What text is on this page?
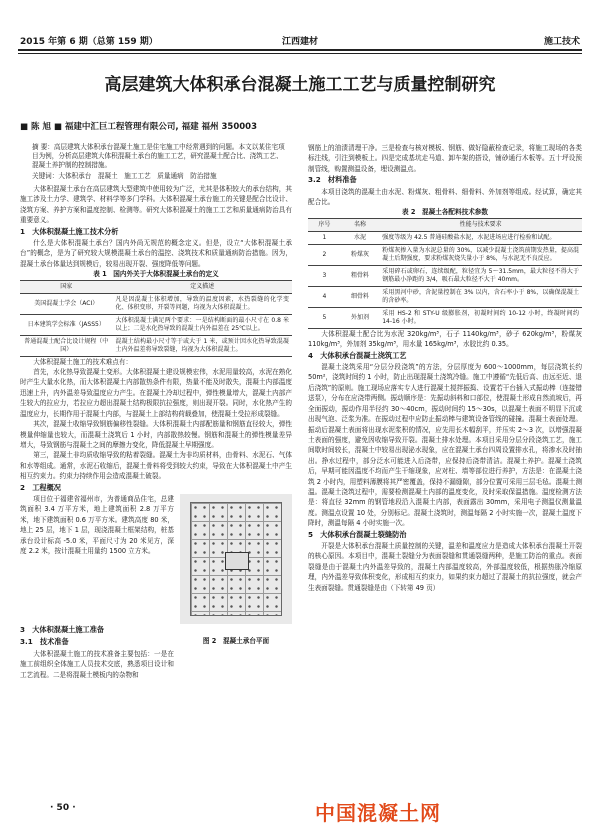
2015 年第 6 期（总第 159 期）	江西建材	施工技术
高层建筑大体积承台混凝土施工工艺与质量控制研究
■ 陈 旭 ■ 福建中汇巨工程管理有限公司, 福建 福州 350003
摘 要：高层建筑大体积承台混凝土施工是住宅施工中经常遇到的问题。本文以某住宅项目为例，分析高层建筑大体积混凝土承台的施工工艺，研究混凝土配合比、浇筑工艺、混凝土养护制的控制措施。
关键词：大体积承台　混凝土　施工工艺　质量通病　防治措施

大体积混凝土承台在高层建筑大型建筑中使用较为广泛，尤其是体积较大的承台结构，其施工涉及土力学、建筑学、材料学等多门学科。大体积混凝土承台施工的关键是配合比设计、浇筑方案、养护方案和温度控制、检测等。研究大体积混凝土的施工工艺和质量通病防治具有重要意义。

1　大体积混凝土施工技术分析

什么是大体积混凝土承台？国内外尚无规范的概念定义。但是，设立“大体积混凝土承台”的概念，是为了研究较大规模混凝土承台的温控、浇筑技术和质量通病防治措施。因为，混凝土承台体量达到规模后，较易出现开裂、强度降低等问题。

表 1　国内外关于大体积混凝土承台的定义
国家	定义描述
美国混凝土学会（ACI）	凡是因混凝土体积增加，导致的温度因素，水热裂缝的化学变化、体积变形，开裂等问题，均视为大体积混凝土。
日本建筑学会标准（JASS5）	大体积混凝土满足两个要求：一是结构断面的最小尺寸在 0.8 米以上；二是水化热导致的混凝土内外温差在 25℃以上。
普通混凝土配合比设计规程（中国）	混凝土结构最小尺寸等于或大于 1 米，或预计因水化热导致混凝土内外温差将导致裂缝，均视为大体积混凝土。

大体积混凝土施工的技术难点有：

首先，水化热导致混凝土变形。大体积混凝土建设规模宏伟，水泥用量较高，水泥在熟化时产生大量水化热，而大体积混凝土内部散热条件有限，热量不能及时散失，混凝土内部温度迅速上升，内外温差导致温度应力产生。在混凝土冷却过程中，弹性模量增大，混凝土内部产生较大的拉应力，若拉应力超出混凝土结构极限抗拉强度，则出现开裂。同时，水化热产生的温度应力，长期作用于混凝土内部，与混凝土上部结构荷载叠加，使混凝土受拉形成裂缝。

其次，混凝土收缩导致钢筋偏移性裂缝。大体积混凝土内部配筋量和钢筋直径较大，弹性模量伸缩量也较大，而混凝土浇筑后 1 小时，内部散热较慢。钢筋和混凝土的弹性模量差异增大，导致钢筋与混凝土之间的摩擦力变化，降低混凝土早期强度。

第三，混凝土非均质收缩导致的粘着裂缝。混凝土为非均质材料，由骨料、水泥石、气体和水等组成。通常，水泥石收缩后，混凝土骨料将受到较大约束，导致在大体积混凝土中产生相互约束力。约束力持续作用会造成混凝土破裂。

2　工程概况

项目位于福建省福州市，为普通商品住宅，总建筑面积 3.4 万平方米，地上建筑面积 2.8 万平方米，地下建筑面积 0.6 万平方米。建筑高度 80 米，地上 25 层，地下 1 层，现浇混凝土框架结构，桩基承台设计标高 -5.0 米，平面尺寸为 20 米见方，深度 2.2 米，按计混凝土用量约 1500 立方米。

3　大体积混凝土施工准备
3.1　技术准备

大体积混凝土施工的技术准备主要包括：一是在施工前组织全体施工人员技术交底，熟悉项目设计和工艺流程。二是将混凝土模板内的杂物和

图 2　混凝土承台平面

钢筋上的油渍清理干净。三是检查与核对模板、钢筋、做好隐蔽检查记录，将施工现场的各类标注线，引注到模板上。四是完成基坑走马道、卸车架的搭设，铺砂通行木板等。五十坪设预制管线，购置测温设备，埋设测温点。

3.2　材料准备

本项目浇筑的混凝土由水泥、粉煤灰、粗骨料、细骨料、外加剂等组成。经试算，确定其配合比。

表 2　混凝土各配料技术参数
序号	名称	性能与技术要求
1	水泥	强度等级为 42.5 普通硅酸盐水泥，水泥进场应进行检验和试配。
2	粉煤灰	粉煤灰掺入量为水泥总量的 30%，以减少混凝土浇筑前期发热量，提高混凝土后期强度，要求粉煤灰烧失量小于 8%，与水泥无不良反应。
3	粗骨料	采用碎石或卵石，连续级配，粒径宜为 5～31.5mm，最大粒径不得大于钢筋最小净距的 3/4，吸石最大粒径不大于 40mm。
4	细骨料	采用黑河中砂，含泥量控制在 3% 以内，含石率小于 8%，以确保混凝土的含砂率。
5	外加剂	采用 HS-2 和 STY-U 级膨胀剂，初凝时间约 10-12 小时，终凝时间约 14-16 小时。

大体积混凝土配合比为水泥 320kg/m³，石子 1140kg/m³，砂子 620kg/m³，粉煤灰 110kg/m³，外加剂 35kg/m³，用水量 165kg/m³，水胶比约 0.35。

4　大体积承台混凝土浇筑工艺

混凝土浇筑采用“分层分段浇筑”的方法，分层厚度为 600～1000mm，每层浇筑长约 50m²，浇筑时间约 1 小时，防止出现混凝土浇筑冷缝。施工中遵循“先低后高、由远至近、退后浇筑”的原则。施工现场应落实专人进行混凝土搅拌振捣、设置若干台插入式振动棒（连接错送泵），分布在应浇带两侧。振动顺序是：先振动斜料和口部位，使混凝土形成自然流坡后，再全面振动，振动作用半径约 30～40cm，振动时间约 15～30s，以混凝土表面不明显下沉或出现气泡、泛浆为准。在振动过程中应防止振动棒与建筑设备管线的碰撞。混凝土表面处理。振动后混凝土表面将出现水泥浆积的情况，应先用长木幅刮平，并压实 2～3 次，以增强混凝土表面的强度，避免因收缩导致开裂。混凝土排水处理。本项目采用分层分段浇筑工艺，施工间歇时间较长，混凝土中较易出现泌水现象，应在混凝土承台四周设置排水孔，将渗水及时抽出。挣水过程中，部分泛水可能进入后浇带，应保持后浇带清洁。混凝土养护。混凝土浇筑后，早期可能因温度不均而产生干缩现象，应对柱、墙等部位进行养护，方法是：在混凝土浇筑 2 小时内，用塑料薄膜将其严密覆盖，保持不漏缝隙，部分位置可采用三层毛毡。混凝土测温。混凝土浇筑过程中，需要检测混凝土内部的温度变化，及时采取保温措施。温度检测方法是：将直径 32mm 的钢管地段沿入混凝土内部，表面露出 30mm，采用电子测温仪测量温度。测温点设置 10 处，分别标记。混凝土浇筑时，测温每隔 2 小时实施一次，混凝土温度下降时，测温每隔 4 小时实施一次。

5　大体积承台混凝土裂缝防治

开裂是大体积承台混凝土质量控制的关键，温差和温度应力是造成大体积承台混凝土开裂的核心原因。本项目中，混凝土裂缝分为表面裂缝和贯通裂缝两种，是施工防治的重点。表面裂缝是由于混凝土内外温差导致的，混凝土内部温度较高，外部温度较低，根据热胀冷缩原理，内外温差导致体积变化，形成相互约束力，如果约束力超过了混凝土的抗拉强度，就会产生表面裂缝。贯通裂缝是由（下转第 49 页）

· 50 ·	中国混凝土网
